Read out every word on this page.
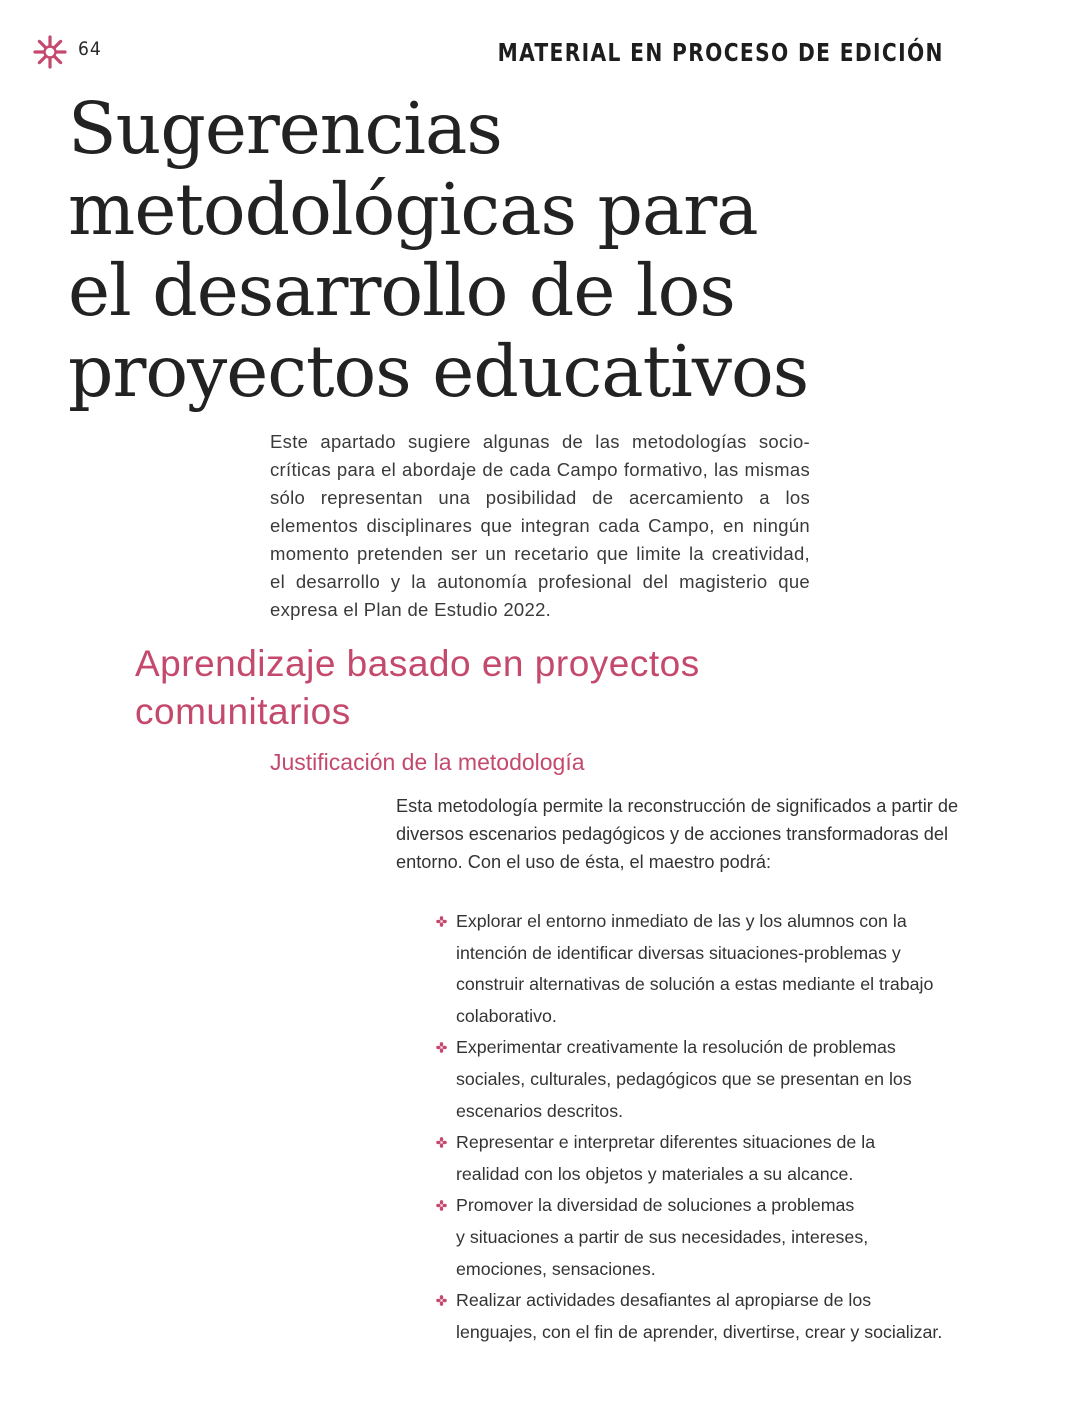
64	MATERIAL EN PROCESO DE EDICIÓN
Sugerencias
metodológicas para
el desarrollo de los
proyectos educativos

Este apartado sugiere algunas de las metodologías socio-críticas para el abordaje de cada Campo formativo, las mismas sólo representan una posibilidad de acercamiento a los elementos disciplinares que integran cada Campo, en ningún momento pretenden ser un recetario que limite la creatividad, el desarrollo y la autonomía profesional del magisterio que expresa el Plan de Estudio 2022.

Aprendizaje basado en proyectos
comunitarios
Justificación de la metodología

Esta metodología permite la reconstrucción de significados a partir de diversos escenarios pedagógicos y de acciones transformadoras del entorno. Con el uso de ésta, el maestro podrá:

Explorar el entorno inmediato de las y los alumnos con la
intención de identificar diversas situaciones-problemas y
construir alternativas de solución a estas mediante el trabajo
colaborativo.
Experimentar creativamente la resolución de problemas
sociales, culturales, pedagógicos que se presentan en los
escenarios descritos.
Representar e interpretar diferentes situaciones de la
realidad con los objetos y materiales a su alcance.
Promover la diversidad de soluciones a problemas
y situaciones a partir de sus necesidades, intereses,
emociones, sensaciones.
Realizar actividades desafiantes al apropiarse de los
lenguajes, con el fin de aprender, divertirse, crear y socializar.
